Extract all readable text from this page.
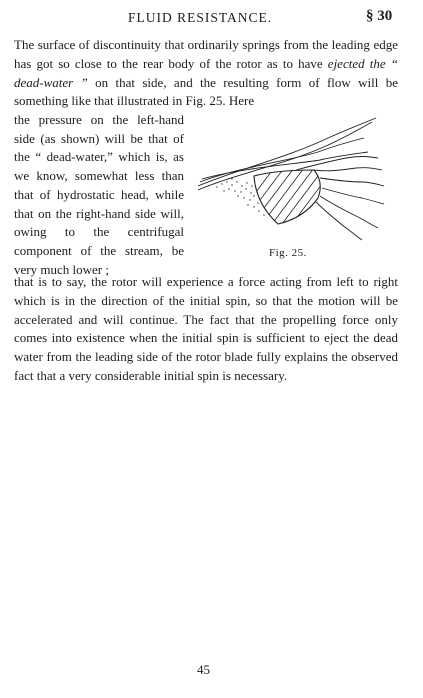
FLUID RESISTANCE.	§ 30

The surface of discontinuity that ordinarily springs from the leading edge has got so close to the rear body of the rotor as to have ejected the “ dead-water ” on that side, and the resulting form of flow will be something like that illustrated in Fig. 25. Here

the pressure on the left-hand side (as shown) will be that of the “ dead-water,” which is, as we know, somewhat less than that of hydrostatic head, while that on the right-hand side will, owing to the centrifugal component of the stream, be very much lower ;

Fig. 25.

that is to say, the rotor will experience a force acting from left to right which is in the direction of the initial spin, so that the motion will be accelerated and will continue. The fact that the propelling force only comes into existence when the initial spin is sufficient to eject the dead water from the leading side of the rotor blade fully explains the observed fact that a very considerable initial spin is necessary.

45
